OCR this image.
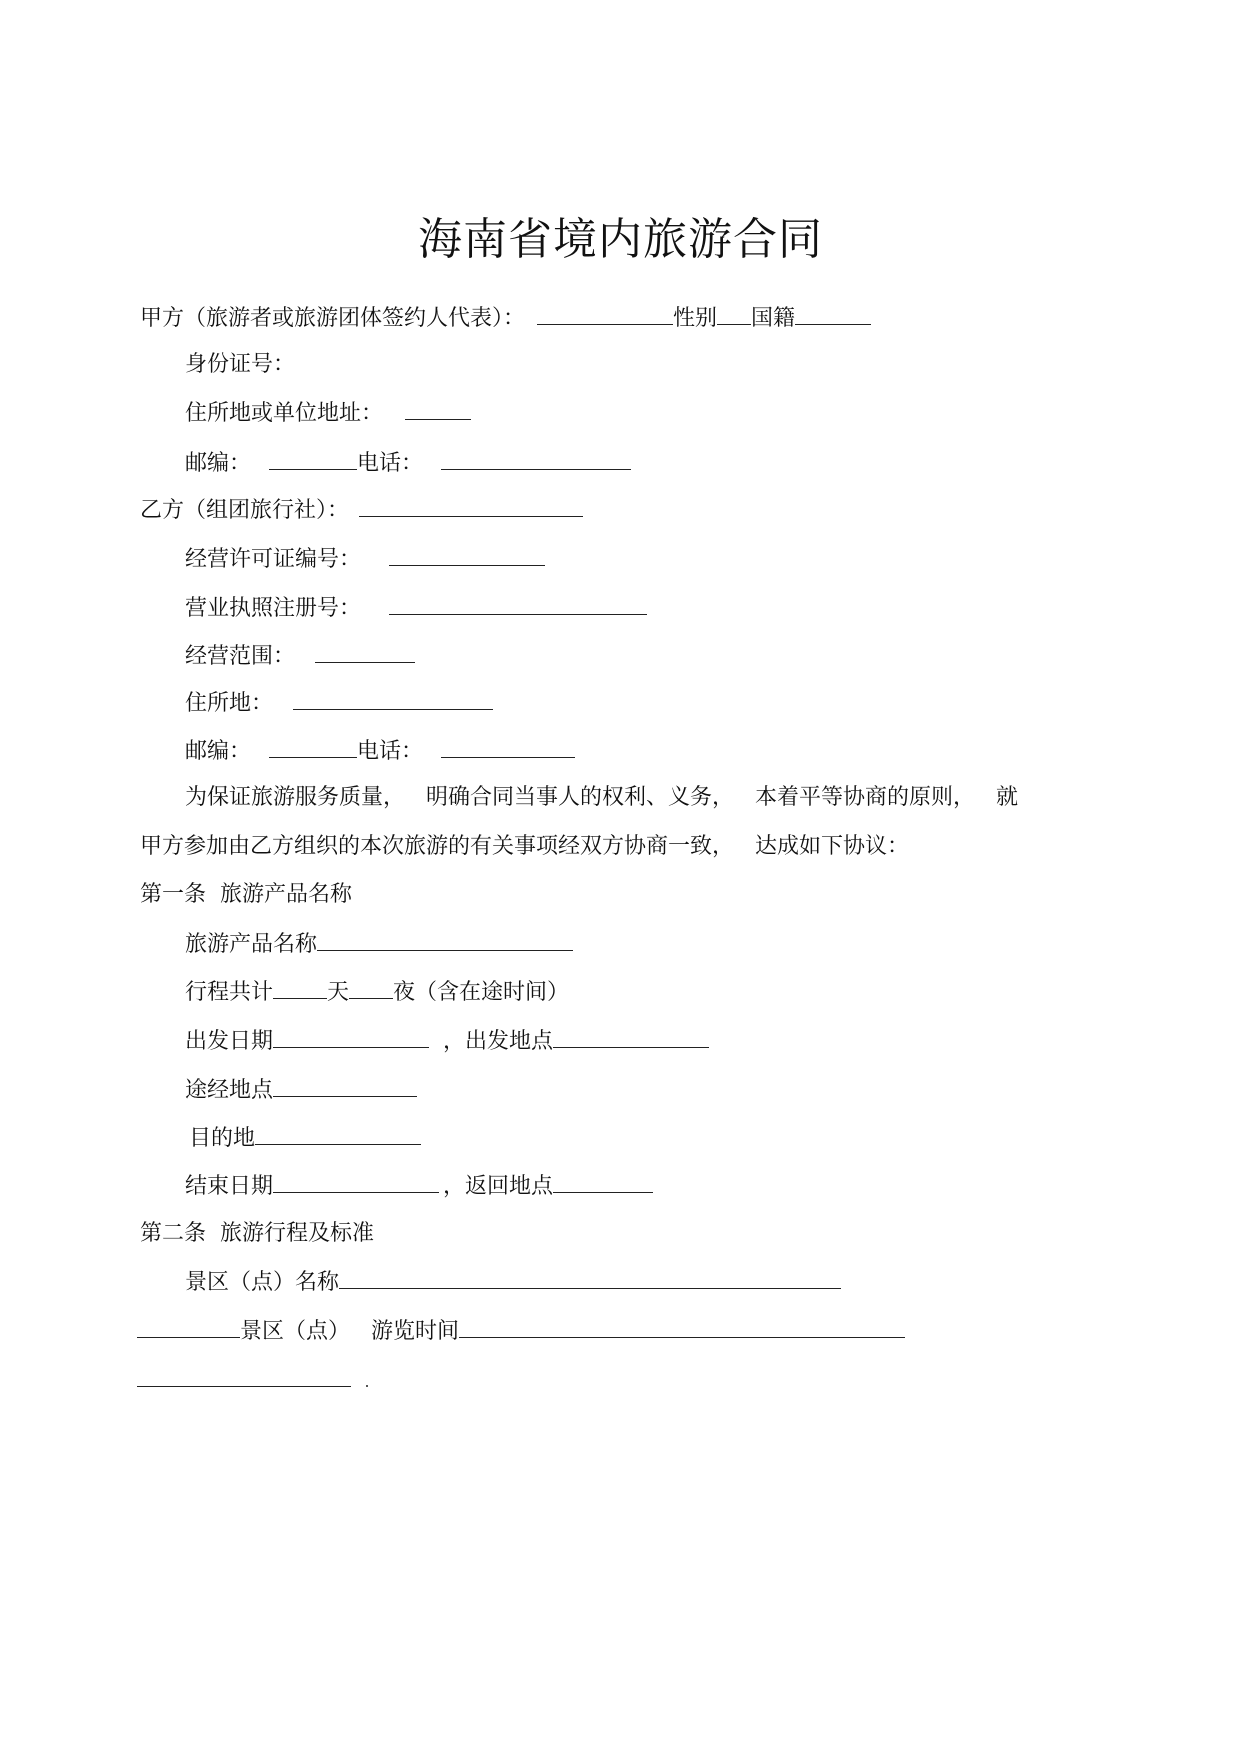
海南省境内旅游合同
甲方（旅游者或旅游团体签约人代表）：	性别 国籍
身份证号：
住所地或单位地址：
邮编：	电话：
乙方（组团旅行社）：
经营许可证编号：
营业执照注册号：
经营范围：
住所地：
邮编：	电话：
为保证旅游服务质量，   明确合同当事人的权利、义务，   本着平等协商的原则，   就
甲方参加由乙方组织的本次旅游的有关事项经双方协商一致，   达成如下协议：
第一条  旅游产品名称
旅游产品名称
行程共计 天 夜（含在途时间）
出发日期	，出发地点
途经地点
目的地
结束日期	，返回地点
第二条  旅游行程及标准
景区（点）名称
景区（点）   游览时间
